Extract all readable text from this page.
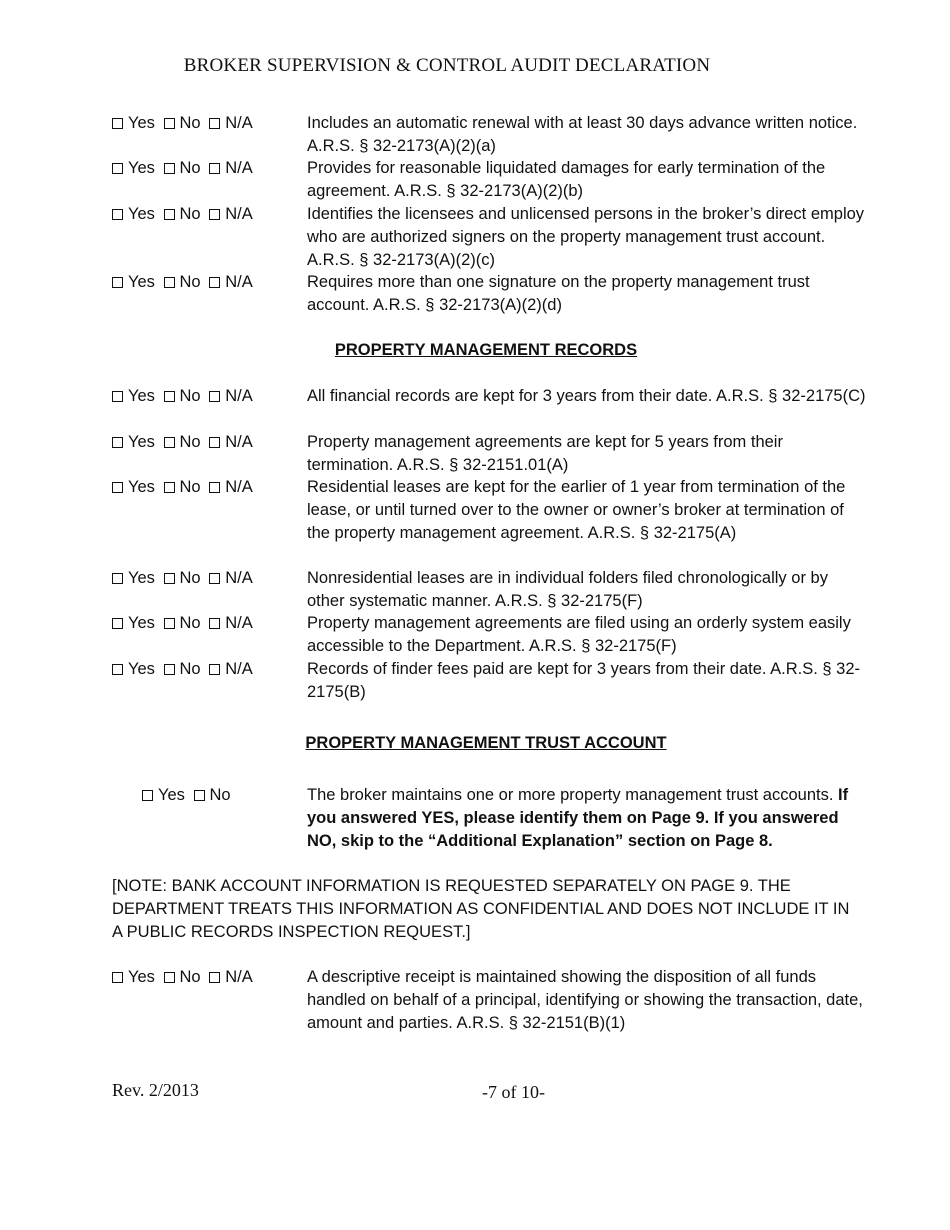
BROKER SUPERVISION & CONTROL AUDIT DECLARATION
Yes No N/A	Includes an automatic renewal with at least 30 days advance written notice. A.R.S. § 32-2173(A)(2)(a)
Yes No N/A	Provides for reasonable liquidated damages for early termination of the agreement. A.R.S. § 32-2173(A)(2)(b)
Yes No N/A	Identifies the licensees and unlicensed persons in the broker’s direct employ who are authorized signers on the property management trust account. A.R.S. § 32-2173(A)(2)(c)
Yes No N/A	Requires more than one signature on the property management trust account. A.R.S. § 32-2173(A)(2)(d)
PROPERTY MANAGEMENT RECORDS
Yes No N/A	All financial records are kept for 3 years from their date. A.R.S. § 32-2175(C)
Yes No N/A	Property management agreements are kept for 5 years from their termination. A.R.S. § 32-2151.01(A)
Yes No N/A	Residential leases are kept for the earlier of 1 year from termination of the lease, or until turned over to the owner or owner’s broker at termination of the property management agreement. A.R.S. § 32-2175(A)
Yes No N/A	Nonresidential leases are in individual folders filed chronologically or by other systematic manner. A.R.S. § 32-2175(F)
Yes No N/A	Property management agreements are filed using an orderly system easily accessible to the Department. A.R.S. § 32-2175(F)
Yes No N/A	Records of finder fees paid are kept for 3 years from their date. A.R.S. § 32-2175(B)
PROPERTY MANAGEMENT TRUST ACCOUNT
Yes No	The broker maintains one or more property management trust accounts. If you answered YES, please identify them on Page 9. If you answered NO, skip to the “Additional Explanation” section on Page 8.
[NOTE: BANK ACCOUNT INFORMATION IS REQUESTED SEPARATELY ON PAGE 9. THE DEPARTMENT TREATS THIS INFORMATION AS CONFIDENTIAL AND DOES NOT INCLUDE IT IN A PUBLIC RECORDS INSPECTION REQUEST.]
Yes No N/A	A descriptive receipt is maintained showing the disposition of all funds handled on behalf of a principal, identifying or showing the transaction, date, amount and parties. A.R.S. § 32-2151(B)(1)
Rev. 2/2013	-7 of 10-
